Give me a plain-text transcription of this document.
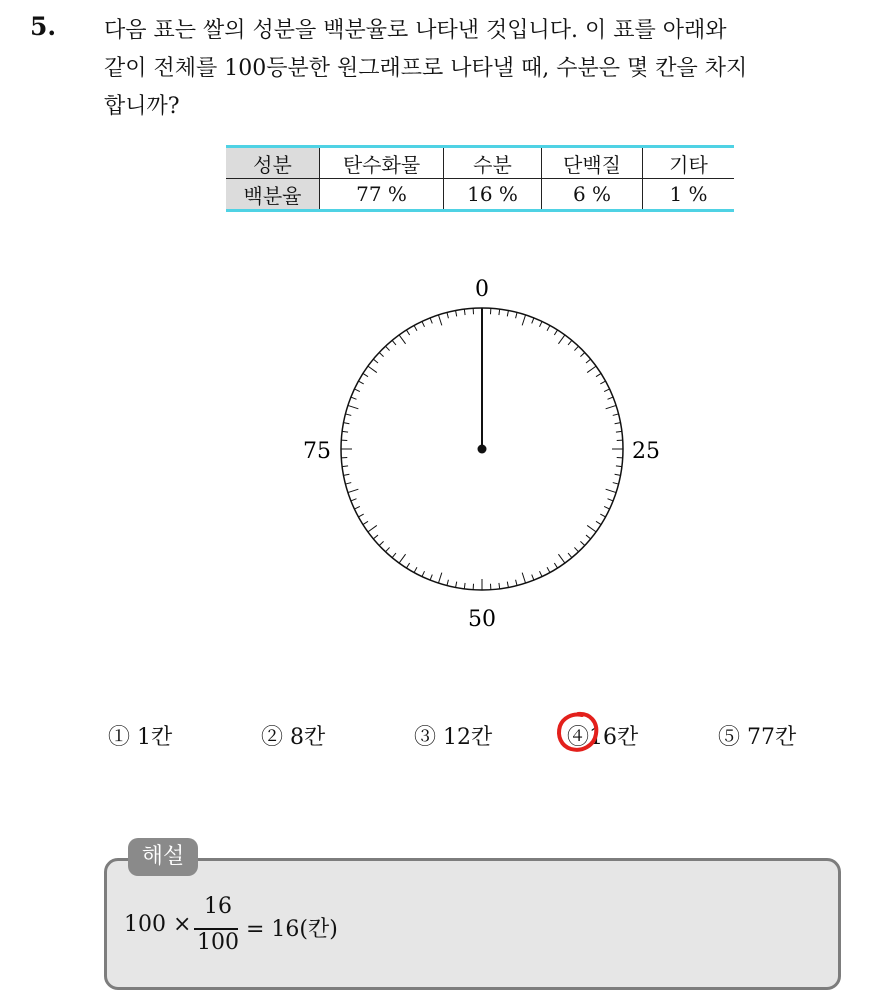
5. 다음 표는 쌀의 성분을 백분율로 나타낸 것입니다. 이 표를 아래와
같이 전체를 100등분한 원그래프로 나타낼 때, 수분은 몇 칸을 차지
합니까?

성분	탄수화물	수분	단백질	기타
백분율	77 %	16 %	6 %	1 %
0
25
50
75
① 1칸	② 8칸	③ 12칸	④16칸	⑤ 77칸
해설
100 ×
16
100
= 16(칸)
